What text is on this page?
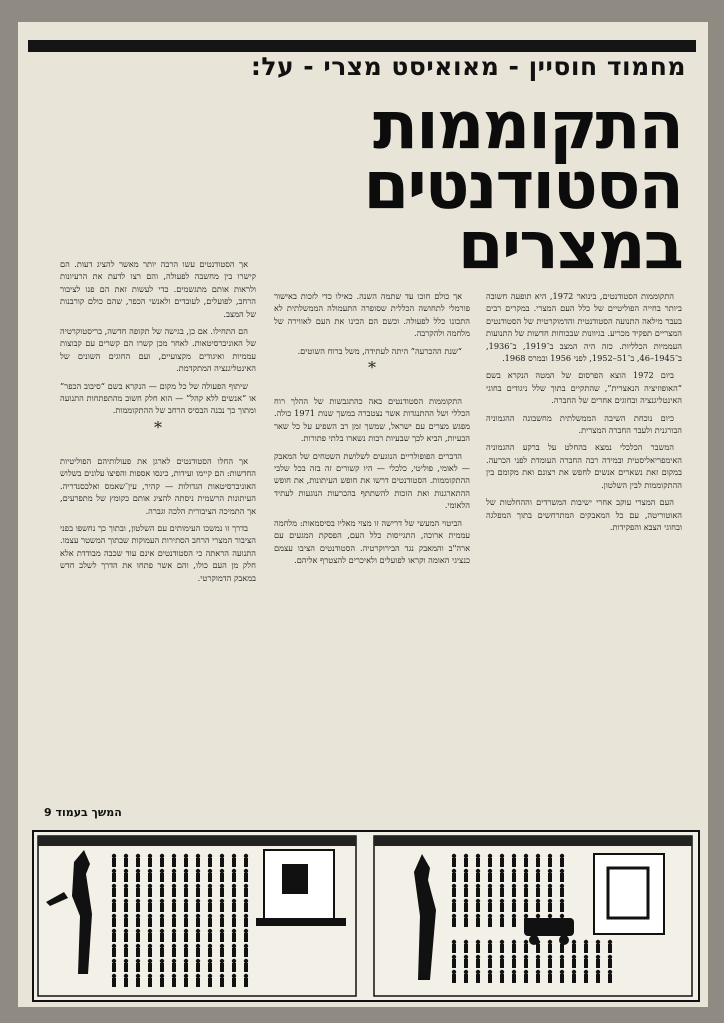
מחמוד חוסיין - מאואיסט מצרי - על:
התקוממות
הסטודנטים
במצרים

התקוממות הסטודנטים, בינואר 1972, היא תופעה חשובה ביותר בחייה הפוליטיים של כלל העם המצרי. במקרים רבים בעבר מילאה התנועה הסטודנטית והדמוקרטית של הסטודנטים המצריים תפקיד מכריע. בגיוונות שבכוחות חדשות של התנועות העממיות הכלליות. כזה היה המצב ב־1919, ב־1936, ב־1945–46, ב־51–1952, לפני 1956 ובמרס 1968.

ביום 1972 הוצא הפרסום של המטה הנקרא בשם “האופוזיציה הנאצרית”, שהתקיים בתוך שלל ניגודים בחוגי האינטליגנציה ובחוגים אחרים של החברה.

כיום נוכחת השיבה הממשלתית מחשבונה ההגמוניה הבורגנית ולעבר החברה המצרית.

המשבר הכלכלי נמצא בהחלט על ברקע ההגמוניה האימפריאליסטית ובמידה רבה החברה העומדת לפני הכרעה. במקום זאת נשארים אנשים לחפש את רצונם ואת מקומם בין ההתקוממות לבין השלטון.

העם המצרי עוקב אחרי ישיבות המשרדים וההחלטות של האוטוריטה, עם כל המאבקים המתרחשים בתוך המפלגה ובחוגי הצבא והפקידות.

אך כולם חוכו עד שתמה השנה. כאילו כדי לזכות באישור פורמלי לתחושה הכללית שסופרה התעמולה הממשלתית לא התכונו כלל לפעולה. וכשם הם הכינו את העם לאווירה של מלחמה ולהקרבה.

“שנת ההכרעה” היתה לעתידה, משל ברוח השוטים.

*

התקוממות הסטודנטים באה כהתגבשות של ההלך רוח הכללי ושל ההתנגדות אשר נצטברה במשך שנות 1971 כולה. מפגש מצרים עם ישראל, שמשך זמן רב השפיע על כל שאר הבעיות, הביא לכך שבעיות רבות נשארו בלתי פתורות.

הדברים הפופולריים הנוגעים לשלושת השטחים של המאבק — לאומי, פוליטי, כלכלי — היו קשורים זה בזה בכל שלבי ההתקוממות. הסטודנטים דרשו את חופש העיתונות, את חופש ההתארגנות ואת הזכות להשתתף בהכרעות הנוגעות לעתיד הלאומי.

הביטוי המעשי של דרישה זו מצוי מאליו בסיסמאות: מלחמה עממית ארוכה, התגייסות כלל העם, הפסקת המגעים עם ארה"ב והמאבק נגד הבירוקרטיה. הסטודנטים הציבו עצמם כנציגי האומה וקראו לפועלים ולאיכרים להצטרף אליהם.

אך הסטודנטים עשו הרבה יותר מאשר להציג דעות. הם קישרו בין מחשבה לפעולה, והם רצו לדעת את הרעיונות ולראות אותם מתגשמים. כדי לעשות זאת הם פנו לציבור הרחב, לפועלים, לעובדים ולאנשי הכפר, שהם כולם קורבנות של המצב.

הם התחילו. אם כן, בגישה של תקופה חדשה, בריסטוקרטיה של האוניברסיטאות. לאחר מכן קשרו הם קשרים עם קבוצות עממיות ואיגודים מקצועיים, ועם החוגים השונים של האינטליגנציה המתקדמת.

שיתוף הפעולה של כל מקום — הנקרא בשם “סיבוב הכפר” או “אנשים ללא קהל” — הוא חלק חשוב מהתפתחות התנועה ומתוך כך נבנה הבסיס הרחב של ההתקוממות.

*

אך החלו הסטודנטים לארגן את פעולותיהם הפוליטיות החדשות: הם קיימו ועידות, כינסו אספות והפיצו עלונים בשלוש האוניברסיטאות הגדולות — קהיר, עין־שאמס ואלכסנדריה. העיתונות הרשמית ניסתה להציג אותם כקומץ של מתפרעים, אך התמיכה הציבורית הלכה וגברה.

בדרך זו נמשכו העימותים עם השלטון, ובתוך כך נחשפו בפני הציבור המצרי הרחב הסתירות העמוקות שבתוך המשטר עצמו. התנועה הראתה כי הסטודנטים אינם עוד שכבה מבודדת אלא חלק מן העם כולו, והם אשר פתחו את הדרך לשלב חדש במאבק הדמוקרטי.

המשך בעמוד 9
